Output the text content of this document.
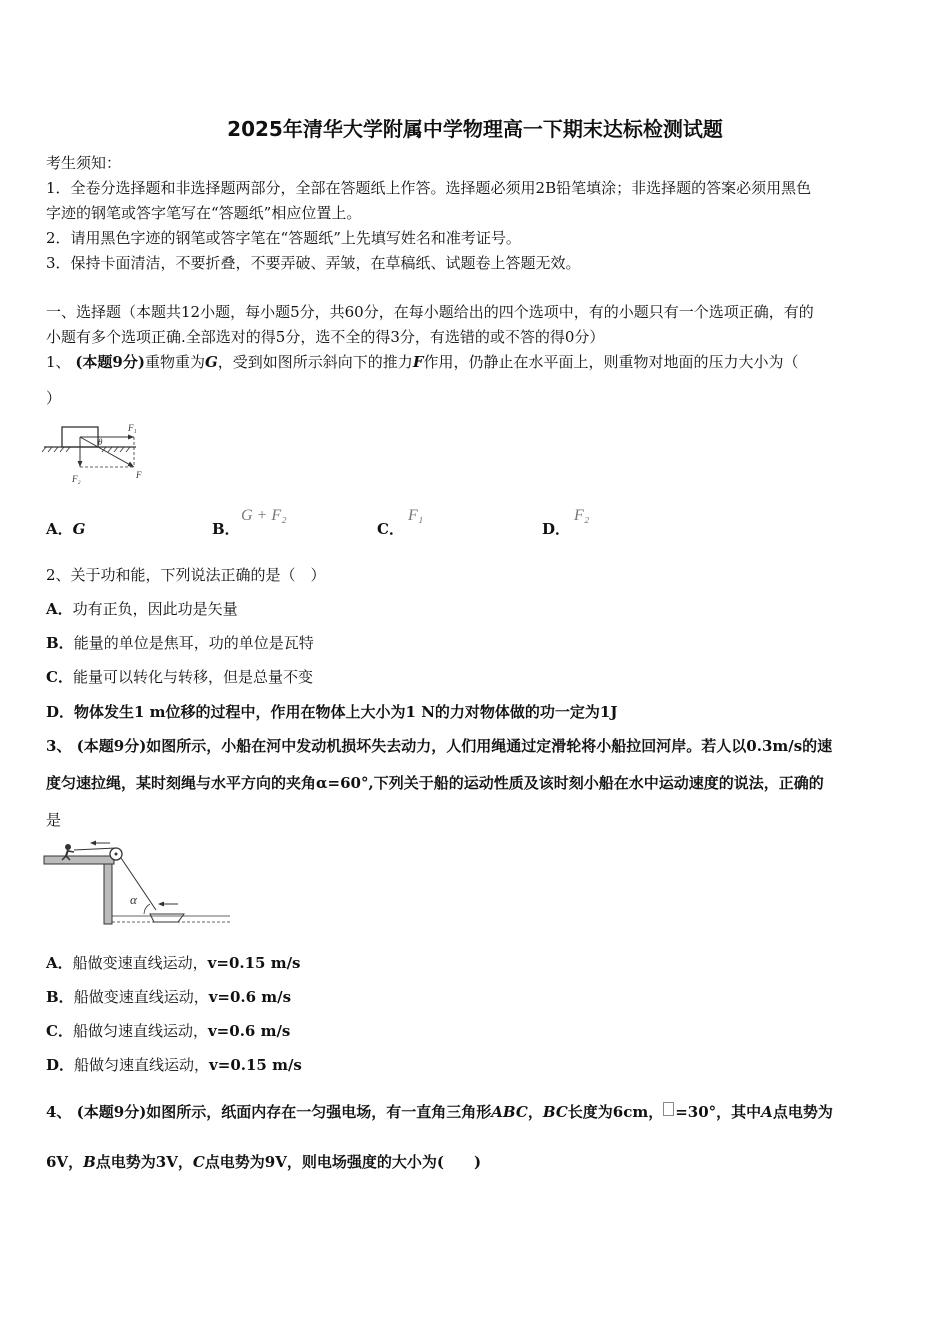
2025年清华大学附属中学物理高一下期末达标检测试题
考生须知：
1．全卷分选择题和非选择题两部分，全部在答题纸上作答。选择题必须用2B铅笔填涂；非选择题的答案必须用黑色
字迹的钢笔或答字笔写在“答题纸”相应位置上。
2．请用黑色字迹的钢笔或答字笔在“答题纸”上先填写姓名和准考证号。
3．保持卡面清洁，不要折叠，不要弄破、弄皱，在草稿纸、试题卷上答题无效。
一、选择题（本题共12小题，每小题5分，共60分，在每小题给出的四个选项中，有的小题只有一个选项正确，有的
小题有多个选项正确.全部选对的得5分，选不全的得3分，有选错的或不答的得0分）
1、 (本题9分)重物重为G，受到如图所示斜向下的推力F作用，仍静止在水平面上，则重物对地面的压力大小为（
）
F₁
θ
F₂	F
A．G	B．
G + F₂
C．
F₁
D．
F₂
2、关于功和能，下列说法正确的是（　）
A．功有正负，因此功是矢量
B．能量的单位是焦耳，功的单位是瓦特
C．能量可以转化与转移，但是总量不变
D．物体发生1 m位移的过程中，作用在物体上大小为1 N的力对物体做的功一定为1J
3、 (本题9分)如图所示，小船在河中发动机损坏失去动力，人们用绳通过定滑轮将小船拉回河岸。若人以0.3m/s的速
度匀速拉绳，某时刻绳与水平方向的夹角α=60°,下列关于船的运动性质及该时刻小船在水中运动速度的说法，正确的
是
α
A．船做变速直线运动，v=0.15 m/s
B．船做变速直线运动，v=0.6 m/s
C．船做匀速直线运动，v=0.6 m/s
D．船做匀速直线运动，v=0.15 m/s
4、 (本题9分)如图所示，纸面内存在一匀强电场，有一直角三角形ABC，BC长度为6cm， =30°，其中A点电势为
6V，B点电势为3V，C点电势为9V，则电场强度的大小为(　　)
